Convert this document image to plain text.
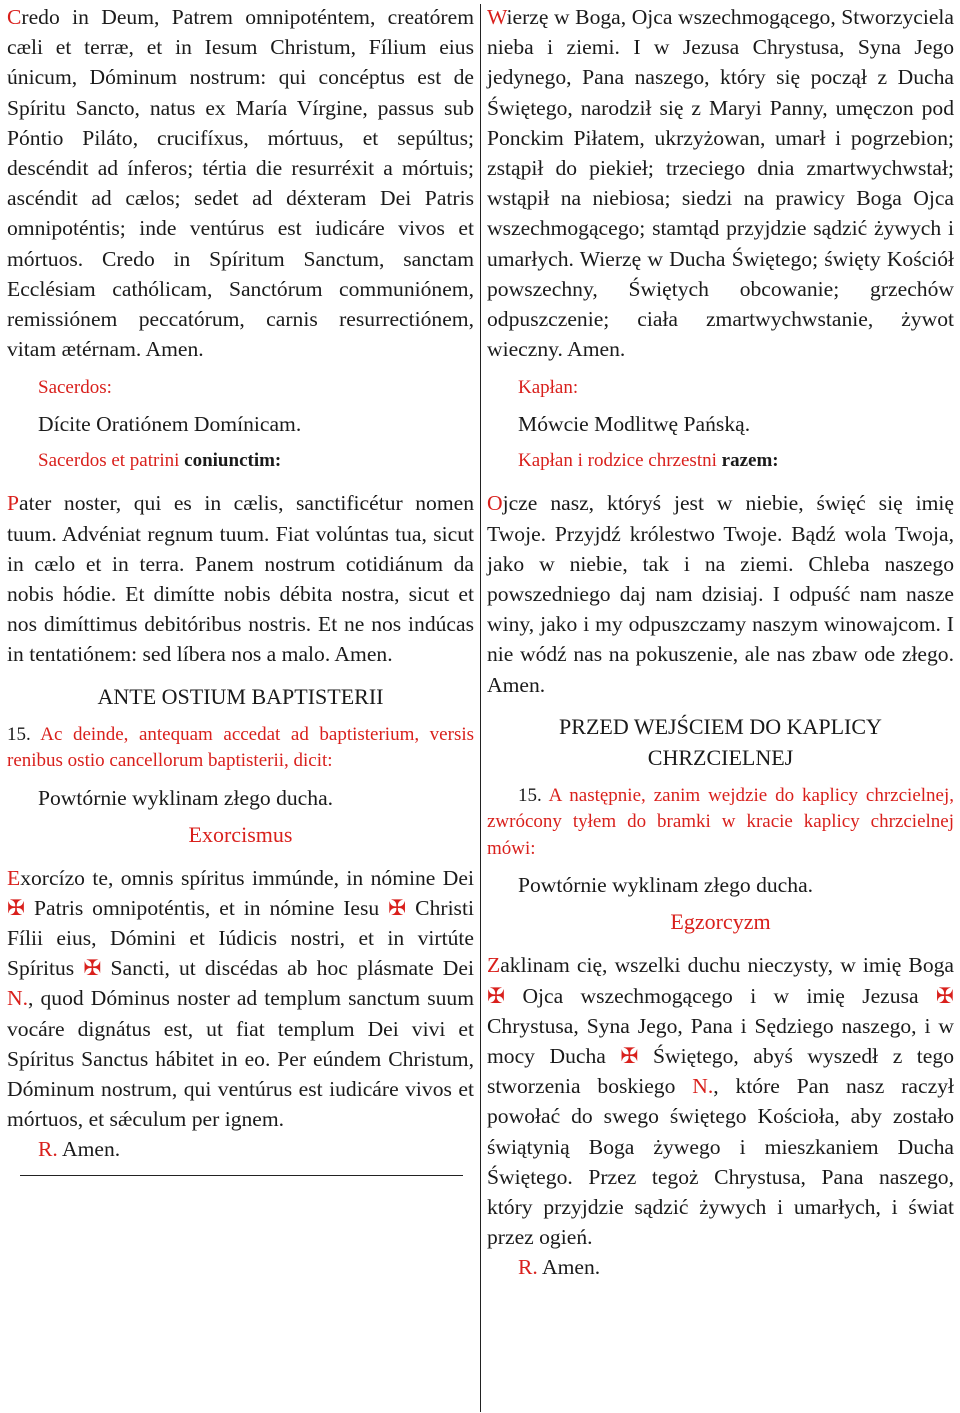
Credo in Deum, Patrem omnipoténtem, creatórem cæli et terræ, et in Iesum Christum, Fílium eius únicum, Dóminum nostrum: qui concéptus est de Spíritu Sancto, natus ex María Vírgine, passus sub Póntio Piláto, crucifíxus, mórtuus, et sepúltus; descéndit ad ínferos; tértia die resurréxit a mórtuis; ascéndit ad cælos; sedet ad déxteram Dei Patris omnipoténtis; inde ventúrus est iudicáre vivos et mórtuos. Credo in Spíritum Sanctum, sanctam Ecclésiam cathólicam, Sanctórum communiónem, remissiónem peccatórum, carnis resurrectiónem, vitam ætérnam. Amen.

Sacerdos:

Dícite Oratiónem Domínicam.

Sacerdos et patrini coniunctim:

Pater noster, qui es in cælis, sanctificétur nomen tuum. Advéniat regnum tuum. Fiat volúntas tua, sicut in cælo et in terra. Panem nostrum cotidiánum da nobis hódie. Et dimítte nobis débita nostra, sicut et nos dimíttimus debitóribus nostris. Et ne nos indúcas in tentatiónem: sed líbera nos a malo. Amen.

ANTE OSTIUM BAPTISTERII

15. Ac deinde, antequam accedat ad baptisterium, versis renibus ostio cancellorum baptisterii, dicit:

Powtórnie wyklinam złego ducha.

Exorcismus

Exorcízo te, omnis spíritus immúnde, in nómine Dei ✠ Patris omnipoténtis, et in nómine Iesu ✠ Christi Fílii eius, Dómini et Iúdicis nostri, et in virtúte Spíritus ✠ Sancti, ut discédas ab hoc plásmate Dei N., quod Dóminus noster ad templum sanctum suum vocáre dignátus est, ut fiat templum Dei vivi et Spíritus Sanctus hábitet in eo. Per eúndem Christum, Dóminum nostrum, qui ventúrus est iudicáre vivos et mórtuos, et sǽculum per ignem.

R. Amen.

Wierzę w Boga, Ojca wszechmogącego, Stworzyciela nieba i ziemi. I w Jezusa Chrystusa, Syna Jego jedynego, Pana naszego, który się począł z Ducha Świętego, narodził się z Maryi Panny, umęczon pod Ponckim Piłatem, ukrzyżowan, umarł i pogrzebion; zstąpił do piekieł; trzeciego dnia zmartwychwstał; wstąpił na niebiosa; siedzi na prawicy Boga Ojca wszechmogącego; stamtąd przyjdzie sądzić żywych i umarłych. Wierzę w Ducha Świętego; święty Kościół powszechny, Świętych obcowanie; grzechów odpuszczenie; ciała zmartwychwstanie, żywot wieczny. Amen.

Kapłan:

Mówcie Modlitwę Pańską.

Kapłan i rodzice chrzestni razem:

Ojcze nasz, któryś jest w niebie, święć się imię Twoje. Przyjdź królestwo Twoje. Bądź wola Twoja, jako w niebie, tak i na ziemi. Chleba naszego powszedniego daj nam dzisiaj. I odpuść nam nasze winy, jako i my odpuszczamy naszym winowajcom. I nie wódź nas na pokuszenie, ale nas zbaw ode złego. Amen.

PRZED WEJŚCIEM DO KAPLICY CHRZCIELNEJ

15. A następnie, zanim wejdzie do kaplicy chrzcielnej, zwrócony tyłem do bramki w kracie kaplicy chrzcielnej mówi:

Powtórnie wyklinam złego ducha.

Egzorcyzm

Zaklinam cię, wszelki duchu nieczysty, w imię Boga ✠ Ojca wszechmogącego i w imię Jezusa ✠ Chrystusa, Syna Jego, Pana i Sędziego naszego, i w mocy Ducha ✠ Świętego, abyś wyszedł z tego stworzenia boskiego N., które Pan nasz raczył powołać do swego świętego Kościoła, aby zostało świątynią Boga żywego i mieszkaniem Ducha Świętego. Przez tegoż Chrystusa, Pana naszego, który przyjdzie sądzić żywych i umarłych, i świat przez ogień.

R. Amen.
